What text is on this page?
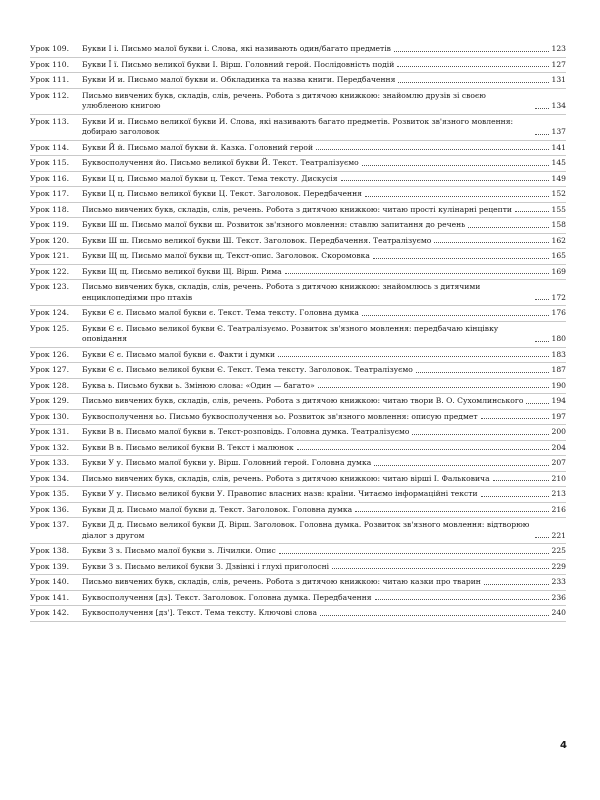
Урок 109.	Букви І і. Письмо малої букви і. Слова, які називають один/багато предметів	123
Урок 110.	Букви Ї ї. Письмо великої букви І. Вірш. Головний герой. Послідовність подій	127
Урок 111.	Букви И и. Письмо малої букви и. Обкладинка та назва книги. Передбачення	131
Урок 112.	Письмо вивчених букв, складів, слів, речень. Робота з дитячою книжкою: знайомлю друзів зі своєю улюбленою книгою	134
Урок 113.	Букви И и. Письмо великої букви И. Слова, які називають багато предметів. Розвиток зв'язного мовлення: добираю заголовок	137
Урок 114.	Букви Й й. Письмо малої букви й. Казка. Головний герой	141
Урок 115.	Буквосполучення йо. Письмо великої букви Й. Текст. Театралізуємо	145
Урок 116.	Букви Ц ц. Письмо малої букви ц. Текст. Тема тексту. Дискусія	149
Урок 117.	Букви Ц ц. Письмо великої букви Ц. Текст. Заголовок. Передбачення	152
Урок 118.	Письмо вивчених букв, складів, слів, речень. Робота з дитячою книжкою: читаю прості кулінарні рецепти	155
Урок 119.	Букви Ш ш. Письмо малої букви ш. Розвиток зв'язного мовлення: ставлю запитання до речень	158
Урок 120.	Букви Ш ш. Письмо великої букви Ш. Текст. Заголовок. Передбачення. Театралізуємо	162
Урок 121.	Букви Щ щ. Письмо малої букви щ. Текст-опис. Заголовок. Скоромовка	165
Урок 122.	Букви Щ щ. Письмо великої букви Щ. Вірш. Рима	169
Урок 123.	Письмо вивчених букв, складів, слів, речень. Робота з дитячою книжкою: знайомлюсь з дитячими енциклопедіями про птахів	172
Урок 124.	Букви Є є. Письмо малої букви є. Текст. Тема тексту. Головна думка	176
Урок 125.	Букви Є є. Письмо великої букви Є. Театралізуємо. Розвиток зв'язного мовлення: передбачаю кінцівку оповідання	180
Урок 126.	Букви Є є. Письмо малої букви є. Факти і думки	183
Урок 127.	Букви Є є. Письмо великої букви Є. Текст. Тема тексту. Заголовок. Театралізуємо	187
Урок 128.	Буква ь. Письмо букви ь. Змінюю слова: «Один — багато»	190
Урок 129.	Письмо вивчених букв, складів, слів, речень. Робота з дитячою книжкою: читаю твори В. О. Сухомлинського	194
Урок 130.	Буквосполучення ьо. Письмо буквосполучення ьо. Розвиток зв'язного мовлення: описую предмет	197
Урок 131.	Букви В в. Письмо малої букви в. Текст-розповідь. Головна думка. Театралізуємо	200
Урок 132.	Букви В в. Письмо великої букви В. Текст і малюнок	204
Урок 133.	Букви У у. Письмо малої букви у. Вірш. Головний герой. Головна думка	207
Урок 134.	Письмо вивчених букв, складів, слів, речень. Робота з дитячою книжкою: читаю вірші І. Фальковича	210
Урок 135.	Букви У у. Письмо великої букви У. Правопис власних назв: країни. Читаємо інформаційні тексти	213
Урок 136.	Букви Д д. Письмо малої букви д. Текст. Заголовок. Головна думка	216
Урок 137.	Букви Д д. Письмо великої букви Д. Вірш. Заголовок. Головна думка. Розвиток зв'язного мовлення: відтворюю діалог з другом	221
Урок 138.	Букви З з. Письмо малої букви з. Лічилки. Опис	225
Урок 139.	Букви З з. Письмо великої букви З. Дзвінкі і глухі приголосні	229
Урок 140.	Письмо вивчених букв, складів, слів, речень. Робота з дитячою книжкою: читаю казки про тварин	233
Урок 141.	Буквосполучення [дз]. Текст. Заголовок. Головна думка. Передбачення	236
Урок 142.	Буквосполучення [дз']. Текст. Тема тексту. Ключові слова	240
4
